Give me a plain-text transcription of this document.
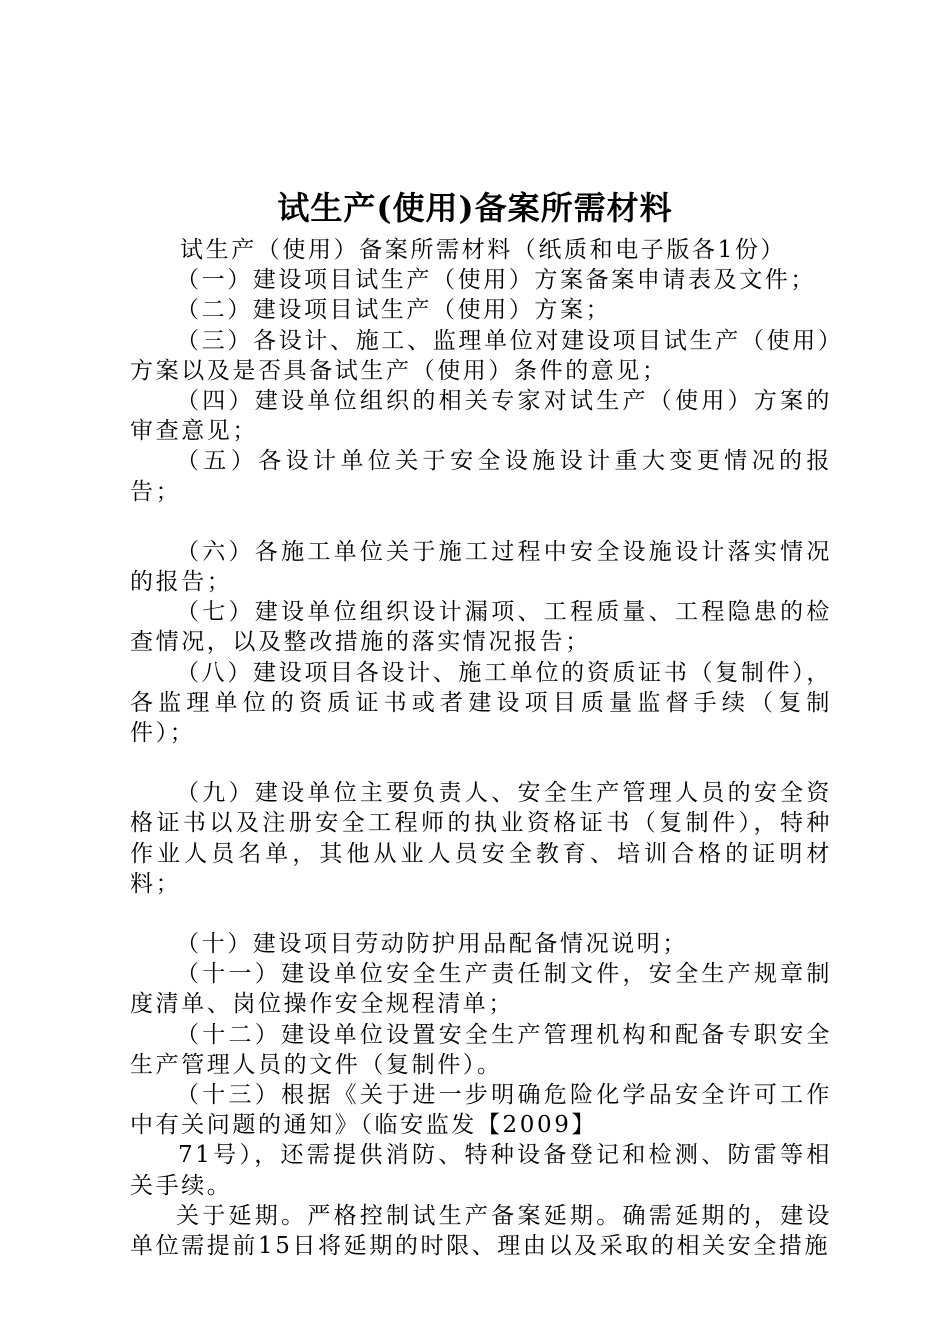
试生产(使用)备案所需材料

试生产（使用）备案所需材料（纸质和电子版各1份）

（一）建设项目试生产（使用）方案备案申请表及文件；

（二）建设项目试生产（使用）方案；

（三）各设计、施工、监理单位对建设项目试生产（使用）方案以及是否具备试生产（使用）条件的意见；

（四）建设单位组织的相关专家对试生产（使用）方案的审查意见；

（五）各设计单位关于安全设施设计重大变更情况的报告；

（六）各施工单位关于施工过程中安全设施设计落实情况的报告；

（七）建设单位组织设计漏项、工程质量、工程隐患的检查情况，以及整改措施的落实情况报告；

（八）建设项目各设计、施工单位的资质证书（复制件），各监理单位的资质证书或者建设项目质量监督手续（复制件）；

（九）建设单位主要负责人、安全生产管理人员的安全资格证书以及注册安全工程师的执业资格证书（复制件），特种作业人员名单，其他从业人员安全教育、培训合格的证明材料；

（十）建设项目劳动防护用品配备情况说明；

（十一）建设单位安全生产责任制文件，安全生产规章制度清单、岗位操作安全规程清单；

（十二）建设单位设置安全生产管理机构和配备专职安全生产管理人员的文件（复制件）。

（十三）根据《关于进一步明确危险化学品安全许可工作中有关问题的通知》（临安监发【2009】

71号），还需提供消防、特种设备登记和检测、防雷等相关手续。

关于延期。严格控制试生产备案延期。确需延期的，建设单位需提前15日将延期的时限、理由以及采取的相关安全措施
